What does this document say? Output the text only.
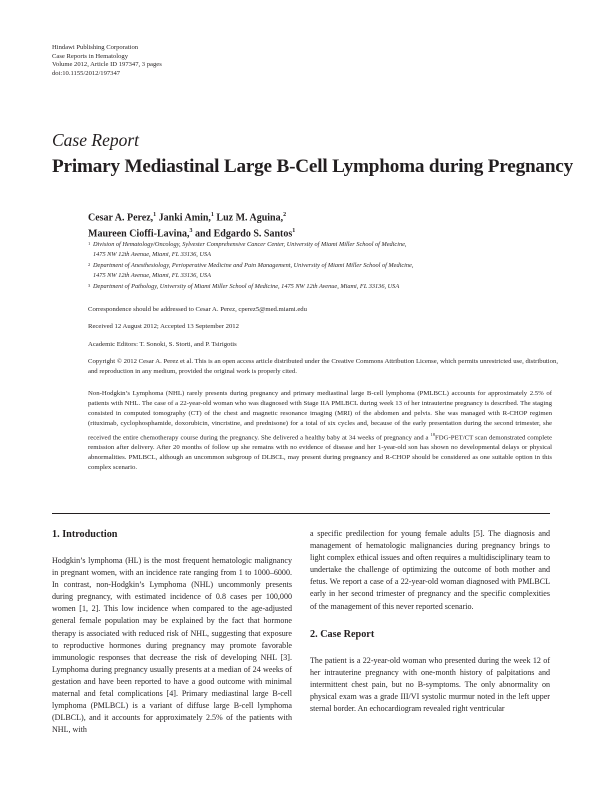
Hindawi Publishing Corporation
Case Reports in Hematology
Volume 2012, Article ID 197347, 3 pages
doi:10.1155/2012/197347
Case Report
Primary Mediastinal Large B-Cell Lymphoma during Pregnancy
Cesar A. Perez,$^1$ Janki Amin,$^1$ Luz M. Aguina,$^2$
Maureen Cioffi-Lavina,$^3$ and Edgardo S. Santos$^1$
1 Division of Hematology/Oncology, Sylvester Comprehensive Cancer Center, University of Miami Miller School of Medicine,
1475 NW 12th Avenue, Miami, FL 33136, USA
2 Department of Anesthesiology, Perioperative Medicine and Pain Management, University of Miami Miller School of Medicine,
1475 NW 12th Avenue, Miami, FL 33136, USA
3 Department of Pathology, University of Miami Miller School of Medicine, 1475 NW 12th Avenue, Miami, FL 33136, USA
Correspondence should be addressed to Cesar A. Perez, cperez5@med.miami.edu
Received 12 August 2012; Accepted 13 September 2012
Academic Editors: T. Sonoki, S. Storti, and P. Tsirigotis
Copyright © 2012 Cesar A. Perez et al. This is an open access article distributed under the Creative Commons Attribution License, which permits unrestricted use, distribution, and reproduction in any medium, provided the original work is properly cited.
Non-Hodgkin’s Lymphoma (NHL) rarely presents during pregnancy and primary mediastinal large B-cell lymphoma (PMLBCL) accounts for approximately 2.5% of patients with NHL. The case of a 22-year-old woman who was diagnosed with Stage IIA PMLBCL during week 13 of her intrauterine pregnancy is described. The staging consisted in computed tomography (CT) of the chest and magnetic resonance imaging (MRI) of the abdomen and pelvis. She was managed with R-CHOP regimen (rituximab, cyclophosphamide, doxorubicin, vincristine, and prednisone) for a total of six cycles and, because of the early presentation during the second trimester, she received the entire chemotherapy course during the pregnancy. She delivered a healthy baby at 34 weeks of pregnancy and a $^{18}$FDG-PET/CT scan demonstrated complete remission after delivery. After 20 months of follow up she remains with no evidence of disease and her 1-year-old son has shown no developmental delays or physical abnormalities. PMLBCL, although an uncommon subgroup of DLBCL, may present during pregnancy and R-CHOP should be considered as one suitable option in this complex scenario.
1. Introduction

Hodgkin’s lymphoma (HL) is the most frequent hematologic malignancy in pregnant women, with an incidence rate ranging from 1 to 1000–6000. In contrast, non-Hodgkin’s Lymphoma (NHL) uncommonly presents during pregnancy, with estimated incidence of 0.8 cases per 100,000 women [1, 2]. This low incidence when compared to the age-adjusted general female population may be explained by the fact that hormone therapy is associated with reduced risk of NHL, suggesting that exposure to reproductive hormones during pregnancy may promote favorable immunologic responses that decrease the risk of developing NHL [3]. Lymphoma during pregnancy usually presents at a median of 24 weeks of gestation and have been reported to have a good outcome with minimal maternal and fetal complications [4]. Primary mediastinal large B-cell lymphoma (PMLBCL) is a variant of diffuse large B-cell lymphoma (DLBCL), and it accounts for approximately 2.5% of the patients with NHL, with

a specific predilection for young female adults [5]. The diagnosis and management of hematologic malignancies during pregnancy brings to light complex ethical issues and often requires a multidisciplinary team to undertake the challenge of optimizing the outcome of both mother and fetus. We report a case of a 22-year-old woman diagnosed with PMLBCL early in her second trimester of pregnancy and the specific complexities of the management of this never reported scenario.

2. Case Report

The patient is a 22-year-old woman who presented during the week 12 of her intrauterine pregnancy with one-month history of palpitations and intermittent chest pain, but no B-symptoms. The only abnormality on physical exam was a grade III/VI systolic murmur noted in the left upper sternal border. An echocardiogram revealed right ventricular
